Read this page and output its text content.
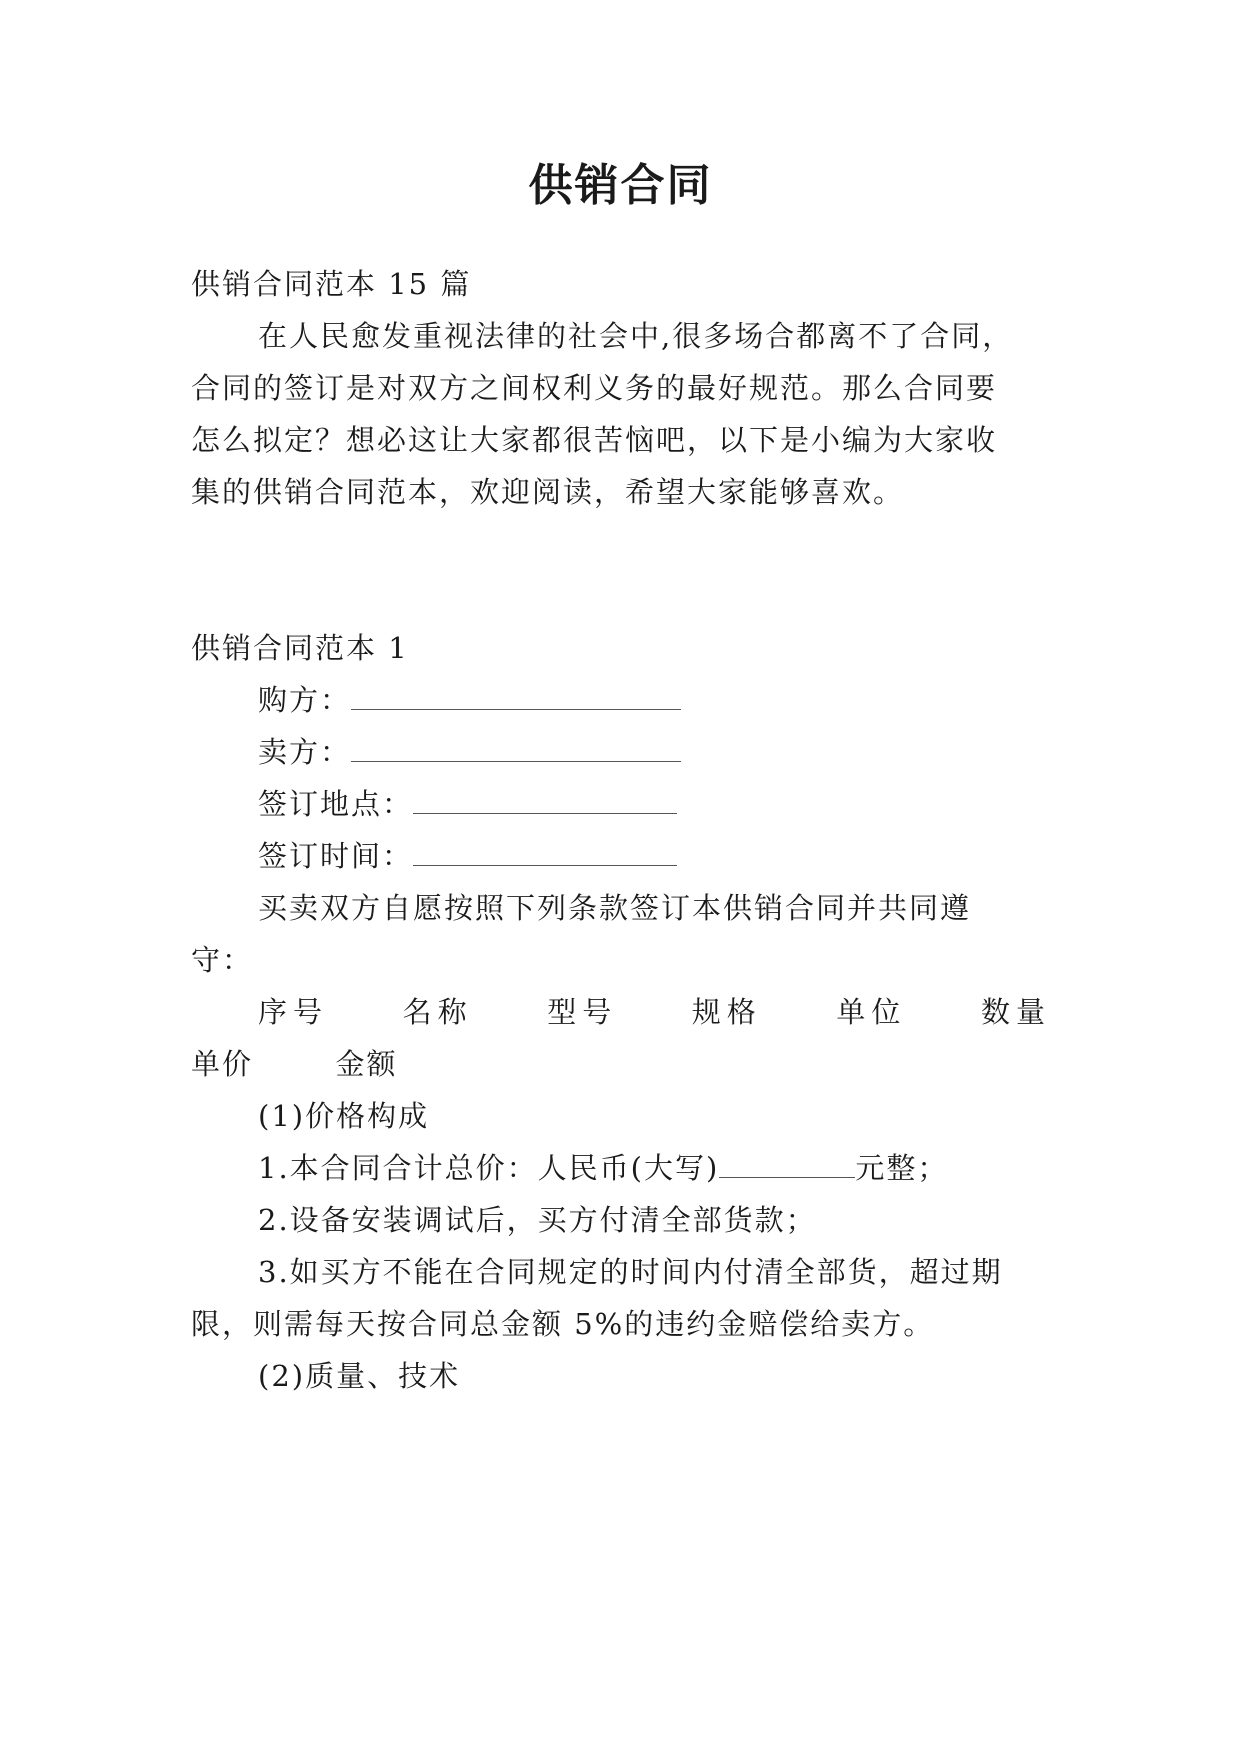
供销合同
供销合同范本 15 篇
在人民愈发重视法律的社会中,很多场合都离不了合同，
合同的签订是对双方之间权利义务的最好规范。那么合同要
怎么拟定？想必这让大家都很苦恼吧，以下是小编为大家收
集的供销合同范本，欢迎阅读，希望大家能够喜欢。
供销合同范本 1
购方：
卖方：
签订地点：
签订时间：
买卖双方自愿按照下列条款签订本供销合同并共同遵
守：
序号	名称	型号	规格	单位	数量
单价	金额
(1)价格构成
1.本合同合计总价：人民币(大写)	元整；
2.设备安装调试后，买方付清全部货款；
3.如买方不能在合同规定的时间内付清全部货，超过期
限，则需每天按合同总金额 5%的违约金赔偿给卖方。
(2)质量、技术
